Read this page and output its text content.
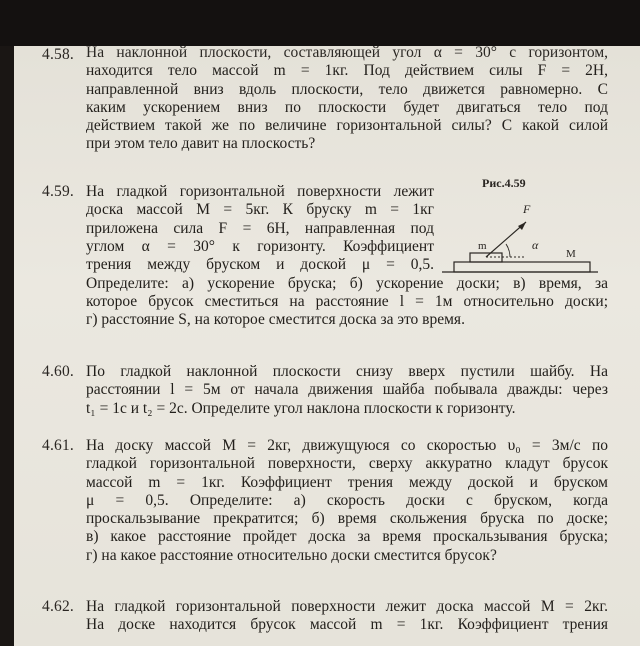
4.58. На наклонной плоскости, составляющей угол α = 30° с горизонтом,
находится тело массой m = 1кг. Под действием силы F = 2Н,
направленной вниз вдоль плоскости, тело движется равномерно. С
каким ускорением вниз по плоскости будет двигаться тело под
действием такой же по величине горизонтальной силы? С какой силой
при этом тело давит на плоскость?
4.59. На гладкой горизонтальной поверхности лежит
доска массой M = 5кг. К бруску m = 1кг
приложена сила F = 6Н, направленная под
углом α = 30° к горизонту. Коэффициент
трения между бруском и доской μ = 0,5.
Определите: а) ускорение бруска; б) ускорение доски; в) время, за
которое брусок сместиться на расстояние l = 1м относительно доски;
г) расстояние S, на которое сместится доска за это время.
Рис.4.59
F⃗
α
m
M
4.60. По гладкой наклонной плоскости снизу вверх пустили шайбу. На
расстоянии l = 5м от начала движения шайба побывала дважды: через
t₁ = 1с и t₂ = 2с. Определите угол наклона плоскости к горизонту.
4.61. На доску массой M = 2кг, движущуюся со скоростью υ₀ = 3м/с по
гладкой горизонтальной поверхности, сверху аккуратно кладут брусок
массой m = 1кг. Коэффициент трения между доской и бруском
μ = 0,5. Определите: а) скорость доски с бруском, когда
проскальзывание прекратится; б) время скольжения бруска по доске;
в) какое расстояние пройдет доска за время проскальзывания бруска;
г) на какое расстояние относительно доски сместится брусок?
4.62. На гладкой горизонтальной поверхности лежит доска массой M = 2кг.
На доске находится брусок массой m = 1кг. Коэффициент трения
